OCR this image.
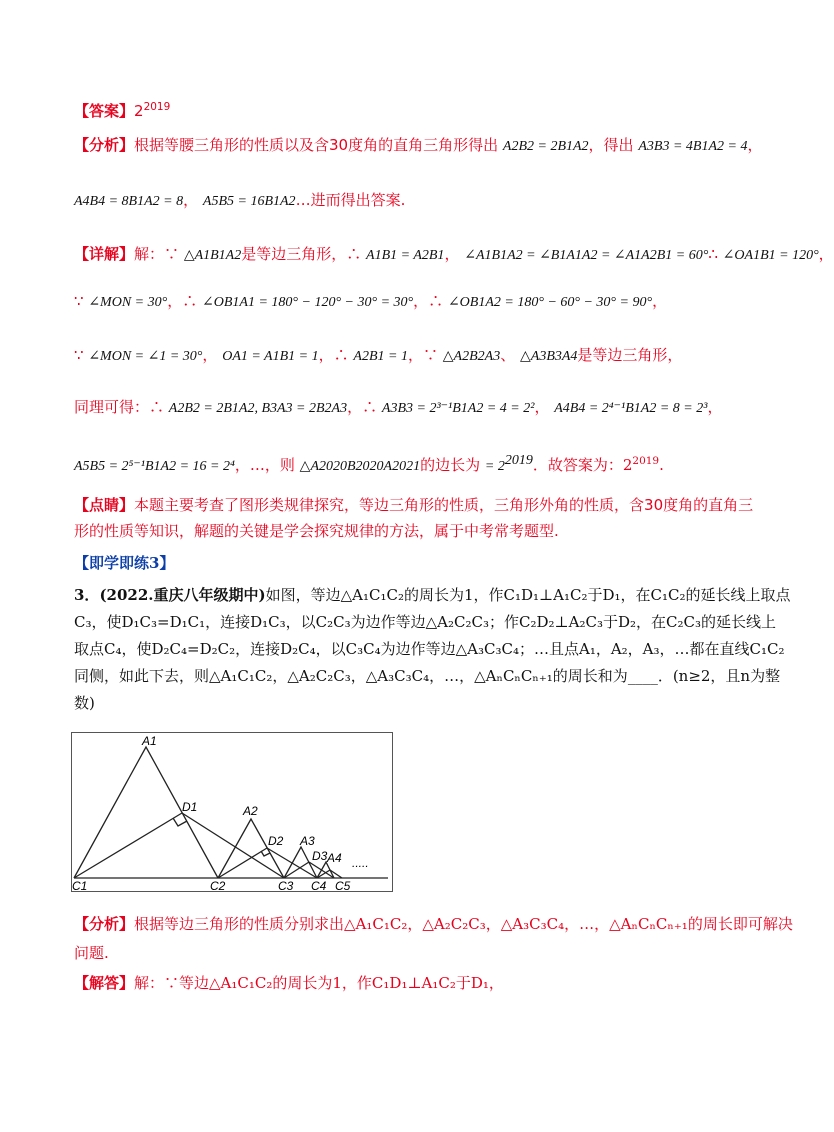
【答案】$2^{2019}$
【分析】根据等腰三角形的性质以及含30度角的直角三角形得出 A2B2 = 2B1A2，得出 A3B3 = 4B1A2 = 4，
A4B4 = 8B1A2 = 8， A5B5 = 16B1A2…进而得出答案.
【详解】解：∵ △A1B1A2是等边三角形，∴ A1B1 = A2B1， ∠A1B1A2 = ∠B1A1A2 = ∠A1A2B1 = 60°∴ ∠OA1B1 = 120°，
∵ ∠MON = 30°，∴ ∠OB1A1 = 180° − 120° − 30° = 30°，∴ ∠OB1A2 = 180° − 60° − 30° = 90°，
∵ ∠MON = ∠1 = 30°， OA1 = A1B1 = 1，∴ A2B1 = 1，∵ △A2B2A3、 △A3B3A4是等边三角形，
同理可得：∴ A2B2 = 2B1A2, B3A3 = 2B2A3，∴ A3B3 = 2³⁻¹B1A2 = 4 = 2²， A4B4 = 2⁴⁻¹B1A2 = 8 = 2³，
A5B5 = 2⁵⁻¹B1A2 = 16 = 2⁴，…，则 △A2020B2020A2021的边长为 = $2^{2019}$．故答案为：$2^{2019}$.
【点睛】本题主要考查了图形类规律探究，等边三角形的性质，三角形外角的性质，含30度角的直角三
形的性质等知识，解题的关键是学会探究规律的方法，属于中考常考题型.
【即学即练3】
3．(2022.重庆八年级期中)如图，等边△A₁C₁C₂的周长为1，作C₁D₁⊥A₁C₂于D₁，在C₁C₂的延长线上取点
C₃，使D₁C₃=D₁C₁，连接D₁C₃，以C₂C₃为边作等边△A₂C₂C₃；作C₂D₂⊥A₂C₃于D₂，在C₂C₃的延长线上
取点C₄，使D₂C₄=D₂C₂，连接D₂C₄，以C₃C₄为边作等边△A₃C₃C₄；…且点A₁，A₂，A₃，…都在直线C₁C₂
同侧，如此下去，则△A₁C₁C₂，△A₂C₂C₃，△A₃C₃C₄，…，△AₙCₙCₙ₊₁的周长和为____．(n≥2，且n为整
数)
A1
D1	A2
D2 A3
D3 A4 .....
C1	C2	C3 C4 C5
【分析】根据等边三角形的性质分别求出△A₁C₁C₂，△A₂C₂C₃，△A₃C₃C₄，…，△AₙCₙCₙ₊₁的周长即可解决
问题.
【解答】解：∵等边△A₁C₁C₂的周长为1，作C₁D₁⊥A₁C₂于D₁，
